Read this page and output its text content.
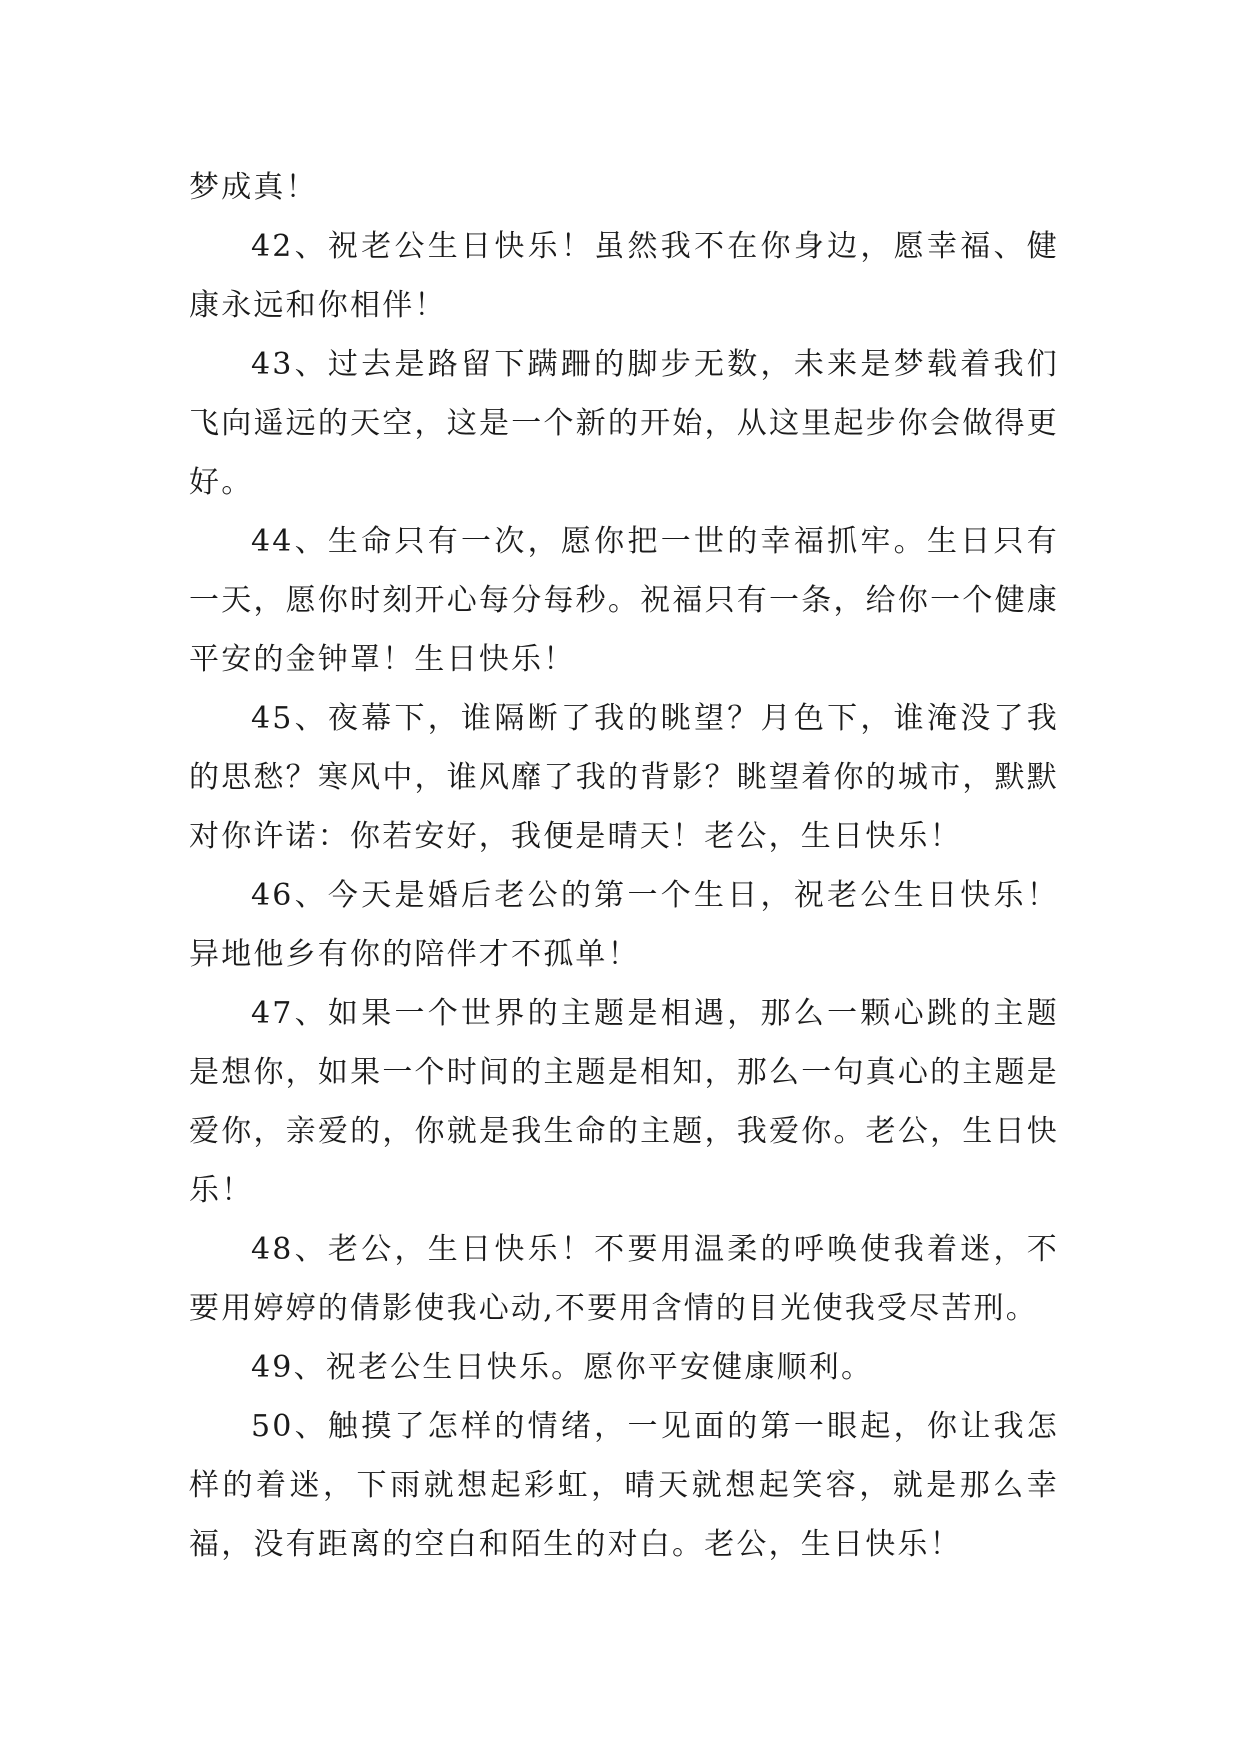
梦成真！

42、祝老公生日快乐！虽然我不在你身边，愿幸福、健康永远和你相伴！

43、过去是路留下蹒跚的脚步无数，未来是梦载着我们飞向遥远的天空，这是一个新的开始，从这里起步你会做得更好。

44、生命只有一次，愿你把一世的幸福抓牢。生日只有一天，愿你时刻开心每分每秒。祝福只有一条，给你一个健康平安的金钟罩！生日快乐！

45、夜幕下，谁隔断了我的眺望？月色下，谁淹没了我的思愁？寒风中，谁风靡了我的背影？眺望着你的城市，默默对你许诺：你若安好，我便是晴天！老公，生日快乐！

46、今天是婚后老公的第一个生日，祝老公生日快乐！异地他乡有你的陪伴才不孤单！

47、如果一个世界的主题是相遇，那么一颗心跳的主题是想你，如果一个时间的主题是相知，那么一句真心的主题是爱你，亲爱的，你就是我生命的主题，我爱你。老公，生日快乐！

48、老公，生日快乐！不要用温柔的呼唤使我着迷，不要用婷婷的倩影使我心动,不要用含情的目光使我受尽苦刑。

49、祝老公生日快乐。愿你平安健康顺利。

50、触摸了怎样的情绪，一见面的第一眼起，你让我怎样的着迷，下雨就想起彩虹，晴天就想起笑容，就是那么幸福，没有距离的空白和陌生的对白。老公，生日快乐！
